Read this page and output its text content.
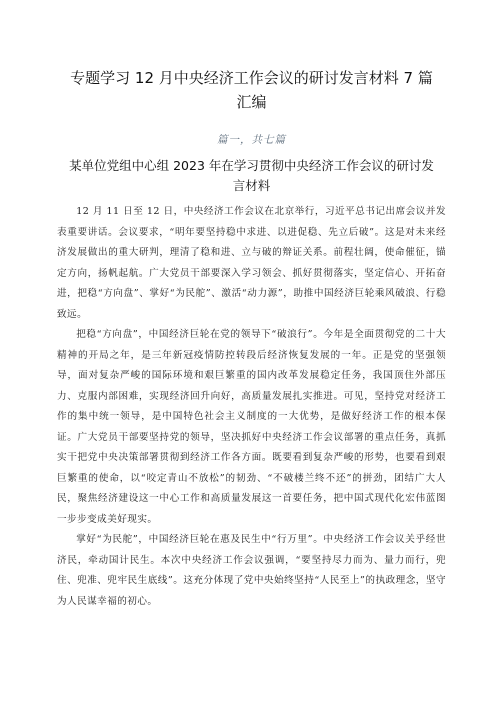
专题学习 12 月中央经济工作会议的研讨发言材料 7 篇
汇编

篇一，共七篇

某单位党组中心组 2023 年在学习贯彻中央经济工作会议的研讨发
言材料

12 月 11 日至 12 日，中央经济工作会议在北京举行，习近平总书记出席会议并发表重要讲话。会议要求，“明年要坚持稳中求进、以进促稳、先立后破”。这是对未来经济发展做出的重大研判，理清了稳和进、立与破的辩证关系。前程壮阔，使命催征，锚定方向，扬帆起航。广大党员干部要深入学习领会、抓好贯彻落实，坚定信心、开拓奋进，把稳“方向盘”、掌好“为民舵”、激活“动力源”，助推中国经济巨轮乘风破浪、行稳致远。

把稳“方向盘”，中国经济巨轮在党的领导下“破浪行”。今年是全面贯彻党的二十大精神的开局之年，是三年新冠疫情防控转段后经济恢复发展的一年。正是党的坚强领导，面对复杂严峻的国际环境和艰巨繁重的国内改革发展稳定任务，我国顶住外部压力、克服内部困难，实现经济回升向好，高质量发展扎实推进。可见，坚持党对经济工作的集中统一领导，是中国特色社会主义制度的一大优势，是做好经济工作的根本保证。广大党员干部要坚持党的领导，坚决抓好中央经济工作会议部署的重点任务，真抓实干把党中央决策部署贯彻到经济工作各方面。既要看到复杂严峻的形势，也要看到艰巨繁重的使命，以“咬定青山不放松”的韧劲、“不破楼兰终不还”的拼劲，团结广大人民，聚焦经济建设这一中心工作和高质量发展这一首要任务，把中国式现代化宏伟蓝图一步步变成美好现实。

掌好“为民舵”，中国经济巨轮在惠及民生中“行万里”。中央经济工作会议关乎经世济民，牵动国计民生。本次中央经济工作会议强调，“要坚持尽力而为、量力而行，兜住、兜准、兜牢民生底线”。这充分体现了党中央始终坚持“人民至上”的执政理念，坚守为人民谋幸福的初心。
